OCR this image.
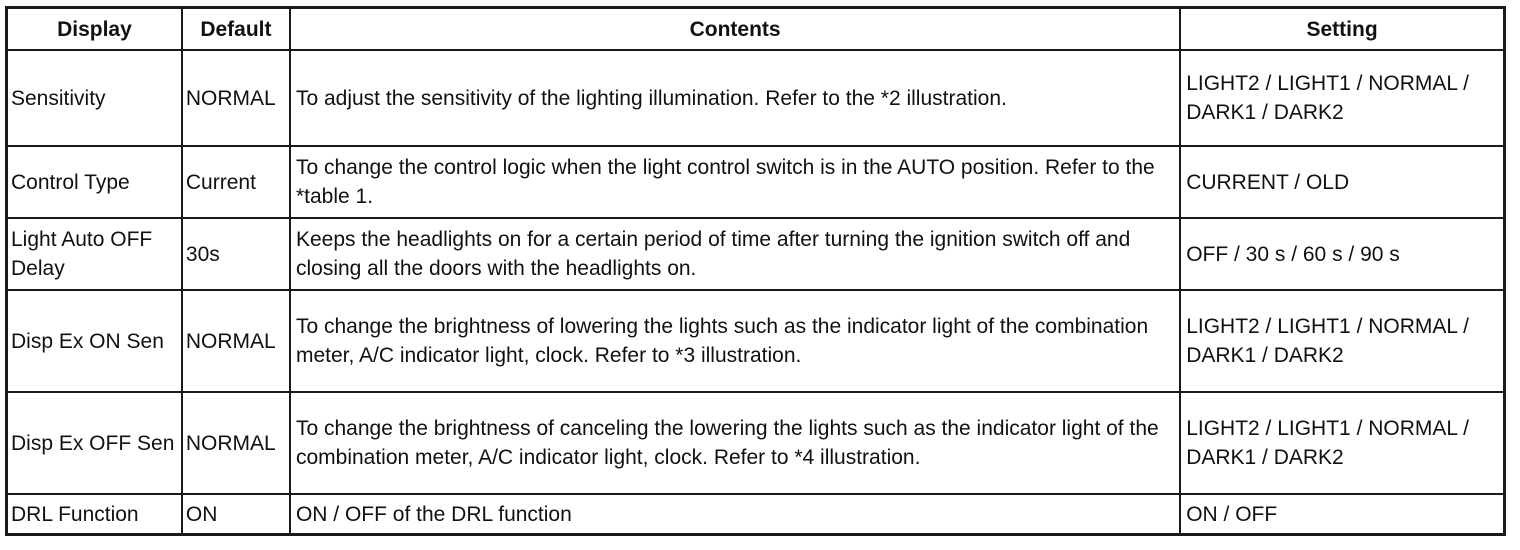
Display	Default	Contents	Setting
Sensitivity	NORMAL	To adjust the sensitivity of the lighting illumination. Refer to the *2 illustration.	LIGHT2 / LIGHT1 / NORMAL / DARK1 / DARK2
Control Type	Current	To change the control logic when the light control switch is in the AUTO position. Refer to the *table 1.	CURRENT / OLD
Light Auto OFF Delay	30s	Keeps the headlights on for a certain period of time after turning the ignition switch off and closing all the doors with the headlights on.	OFF / 30 s / 60 s / 90 s
Disp Ex ON Sen	NORMAL	To change the brightness of lowering the lights such as the indicator light of the combination meter, A/C indicator light, clock. Refer to *3 illustration.	LIGHT2 / LIGHT1 / NORMAL / DARK1 / DARK2
Disp Ex OFF Sen	NORMAL	To change the brightness of canceling the lowering the lights such as the indicator light of the combination meter, A/C indicator light, clock. Refer to *4 illustration.	LIGHT2 / LIGHT1 / NORMAL / DARK1 / DARK2
DRL Function	ON	ON / OFF of the DRL function	ON / OFF
